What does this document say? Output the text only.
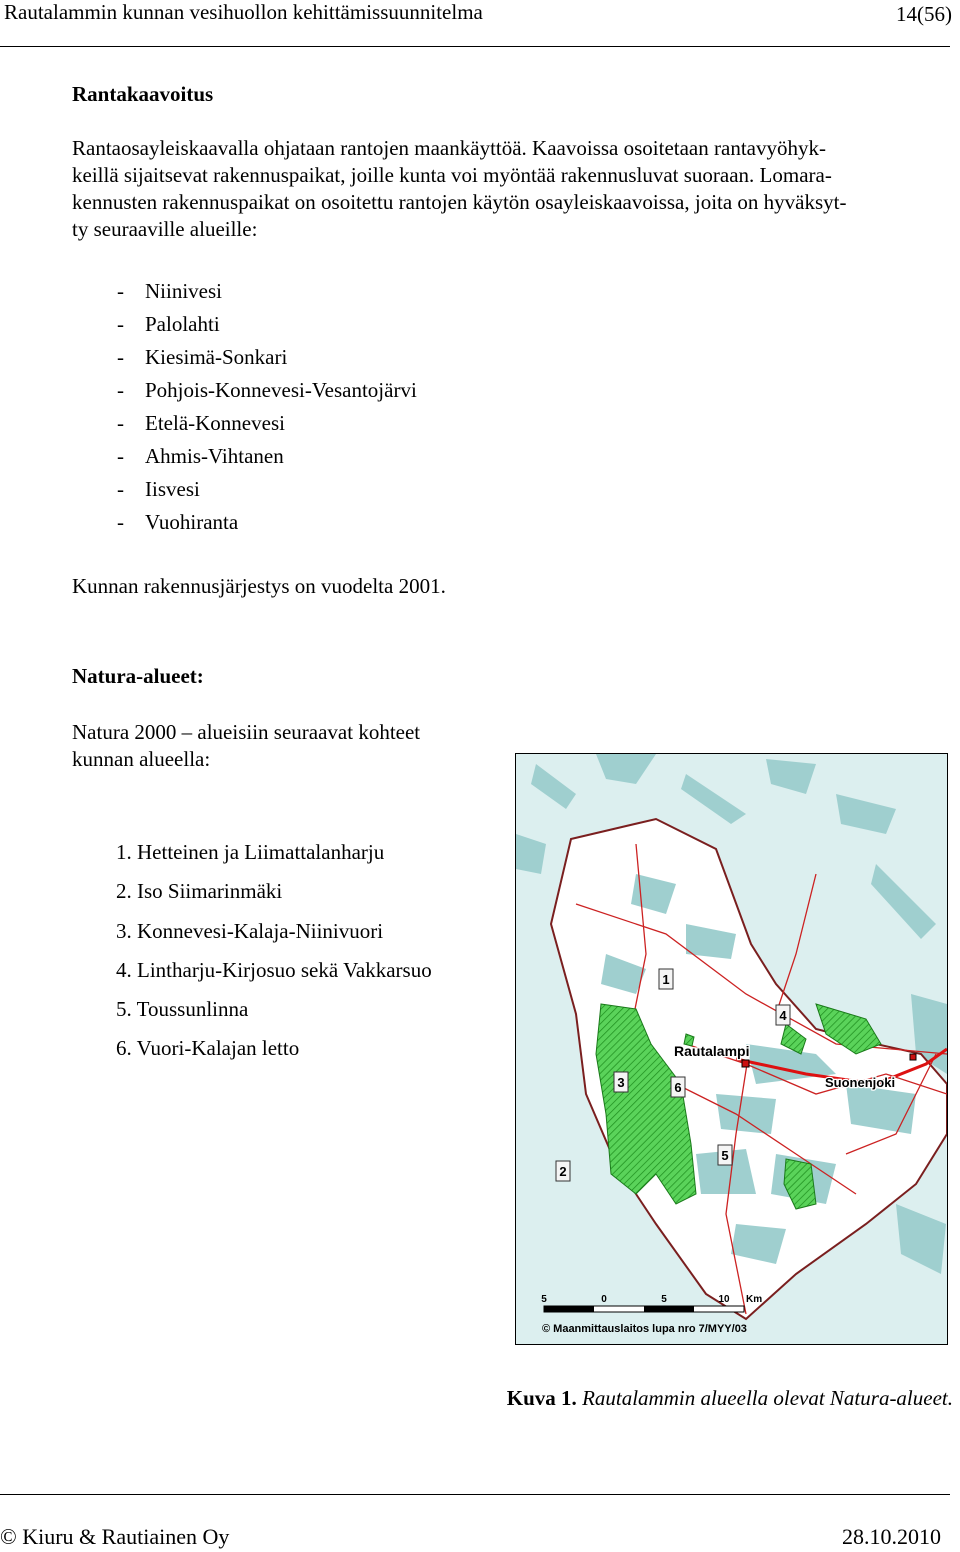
Rautalammin kunnan vesihuollon kehittämissuunnitelma	14(56)
Rantakaavoitus
Rantaosayleiskaavalla ohjataan rantojen maankäyttöä. Kaavoissa osoitetaan rantavyöhyk-
keillä sijaitsevat rakennuspaikat, joille kunta voi myöntää rakennusluvat suoraan. Lomara-
kennusten rakennuspaikat on osoitettu rantojen käytön osayleiskaavoissa, joita on hyväksyt-
ty seuraaville alueille:
- Niinivesi
- Palolahti
- Kiesimä-Sonkari
- Pohjois-Konnevesi-Vesantojärvi
- Etelä-Konnevesi
- Ahmis-Vihtanen
- Iisvesi
- Vuohiranta
Kunnan rakennusjärjestys on vuodelta 2001.
Natura-alueet:
Natura 2000 – alueisiin seuraavat kohteet
kunnan alueella:
1. Hetteinen ja Liimattalanharju
2. Iso Siimarinmäki
3. Konnevesi-Kalaja-Niinivuori
4. Lintharju-Kirjosuo sekä Vakkarsuo
5. Toussunlinna
6. Vuori-Kalajan letto
1
2
3
4
5
6
Rautalampi
Suonenjoki
5	0	5	10 Km
© Maanmittauslaitos lupa nro 7/MYY/03
Kuva 1. Rautalammin alueella olevat Natura-alueet.
© Kiuru & Rautiainen Oy	28.10.2010
